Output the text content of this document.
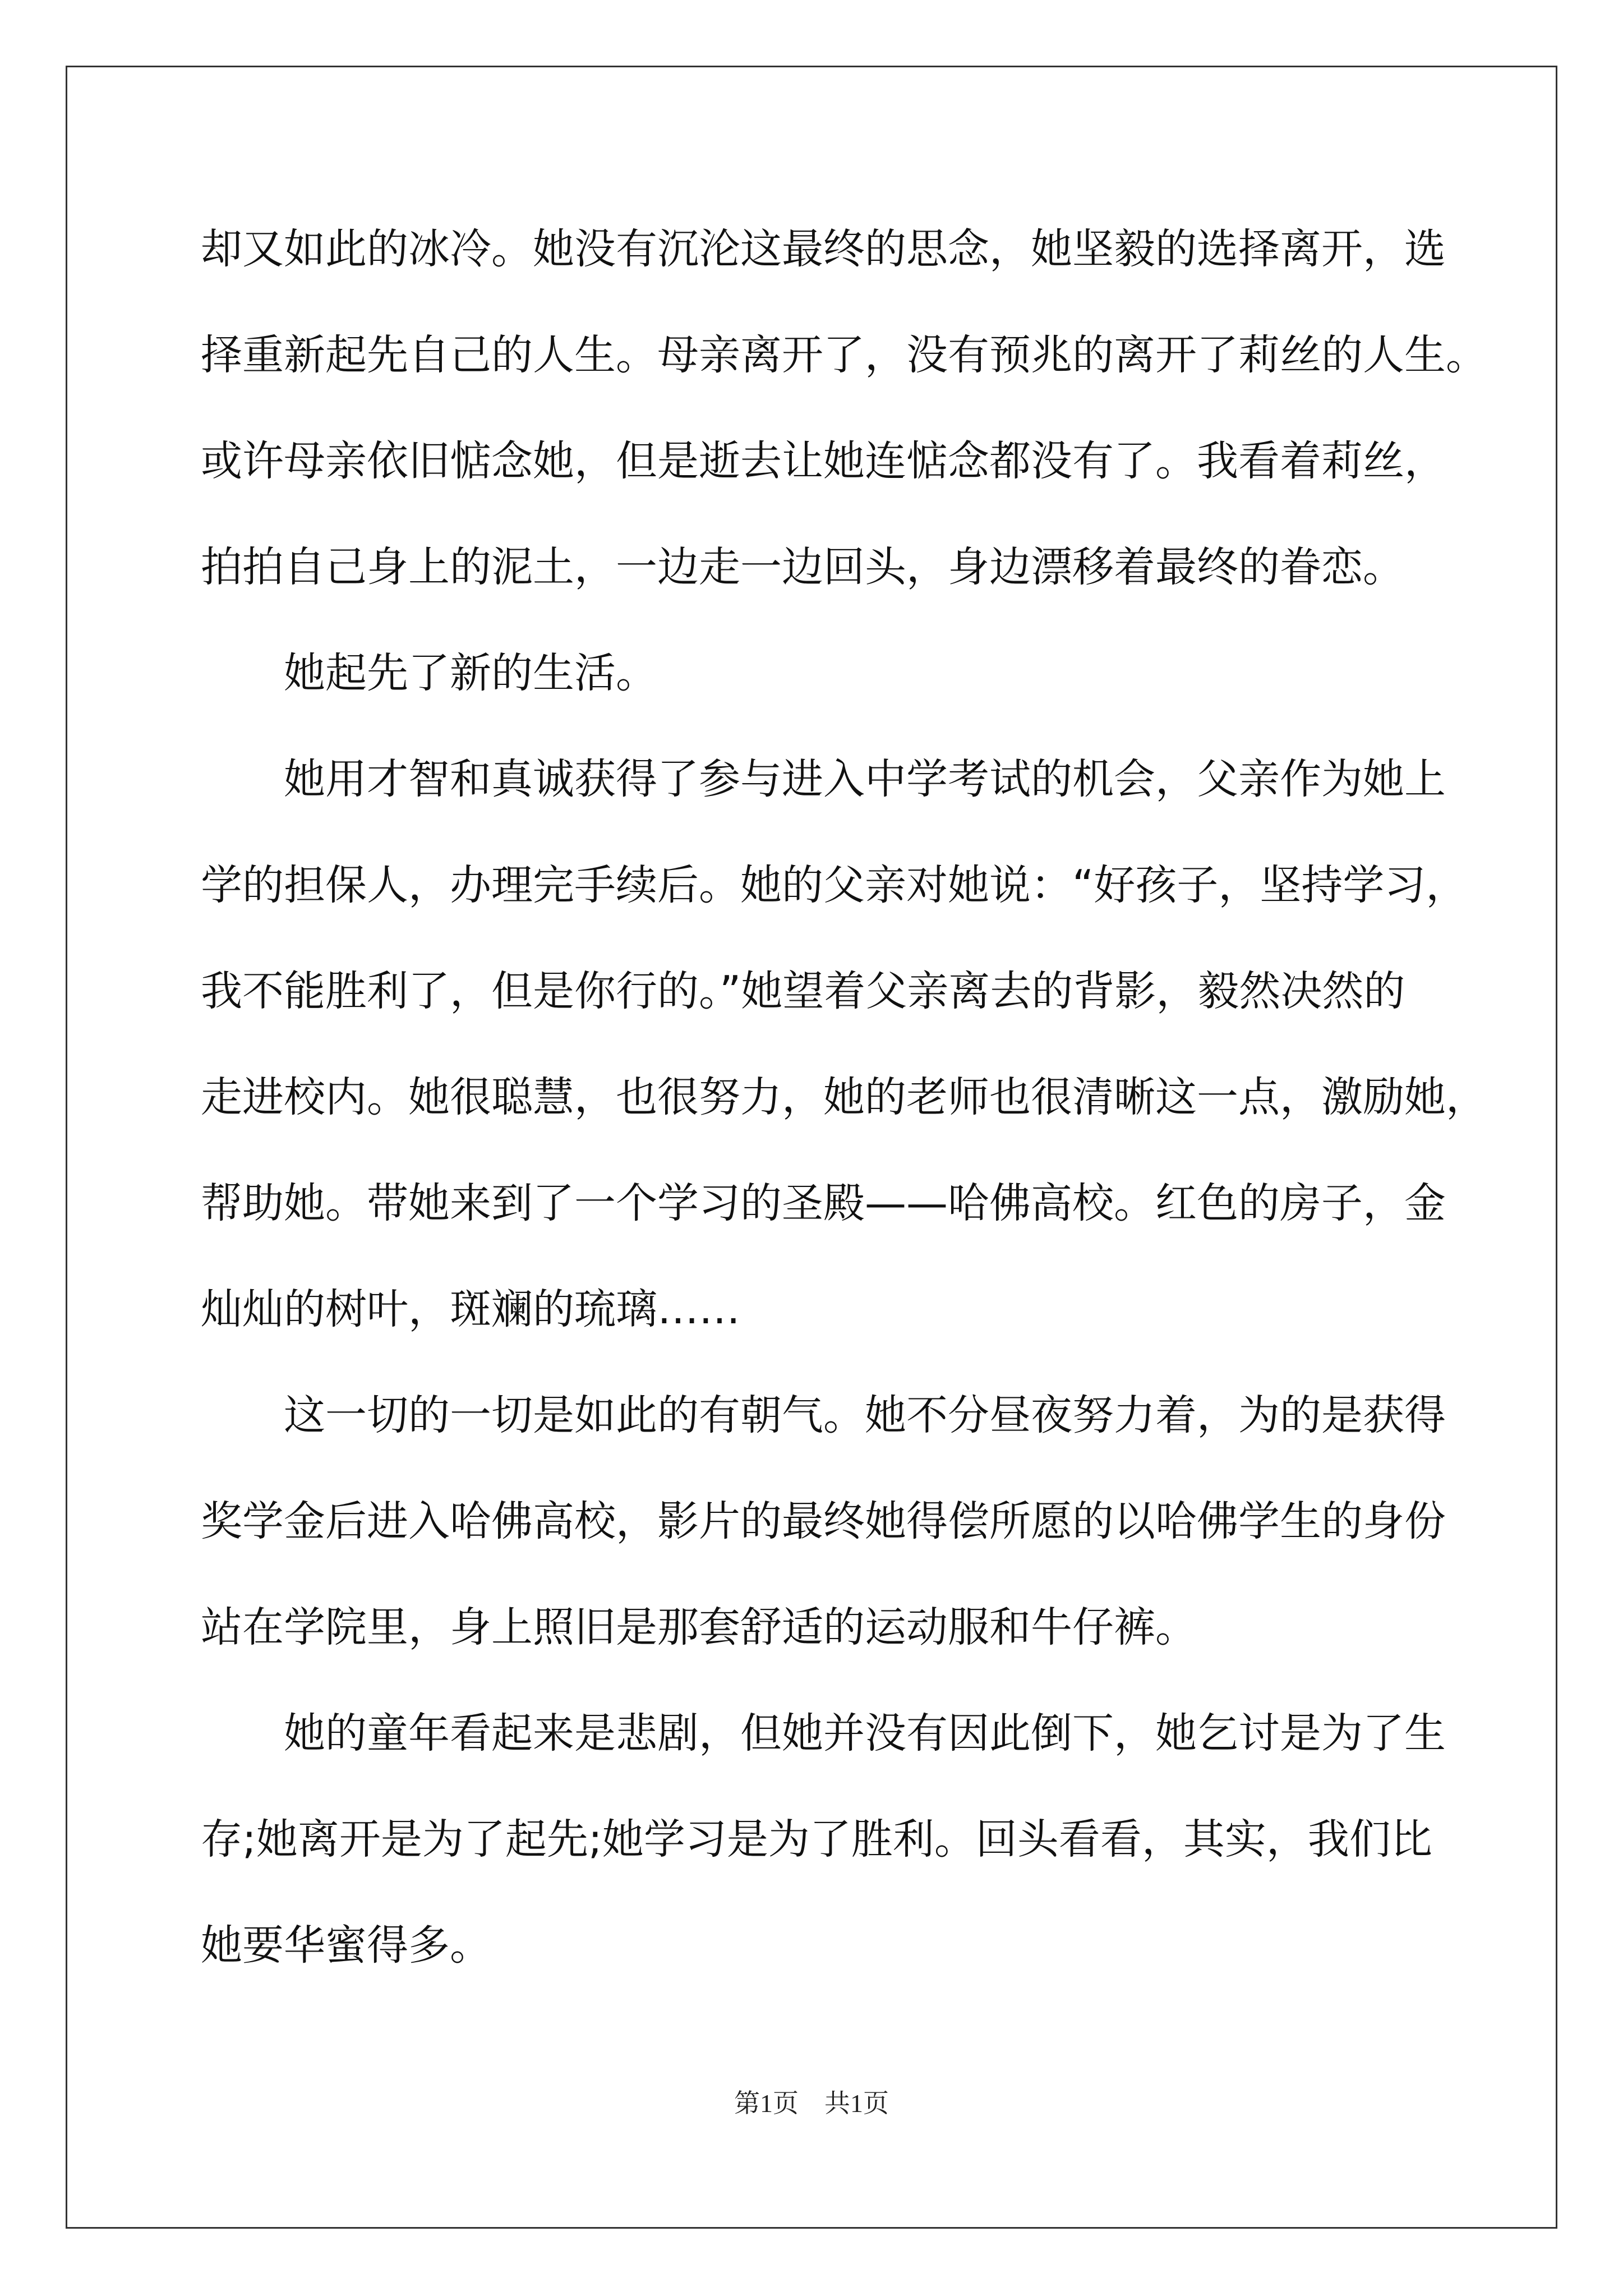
却又如此的冰冷。她没有沉沦这最终的思念，她坚毅的选择离开，选
择重新起先自己的人生。母亲离开了，没有预兆的离开了莉丝的人生。
或许母亲依旧惦念她，但是逝去让她连惦念都没有了。我看着莉丝，
拍拍自己身上的泥土，一边走一边回头，身边漂移着最终的眷恋。
　　她起先了新的生活。
　　她用才智和真诚获得了参与进入中学考试的机会，父亲作为她上
学的担保人，办理完手续后。她的父亲对她说：“好孩子，坚持学习，
我不能胜利了，但是你行的。”她望着父亲离去的背影，毅然决然的
走进校内。她很聪慧，也很努力，她的老师也很清晰这一点，激励她，
帮助她。带她来到了一个学习的圣殿——哈佛高校。红色的房子，金
灿灿的树叶，斑斓的琉璃……
　　这一切的一切是如此的有朝气。她不分昼夜努力着，为的是获得
奖学金后进入哈佛高校，影片的最终她得偿所愿的以哈佛学生的身份
站在学院里，身上照旧是那套舒适的运动服和牛仔裤。
　　她的童年看起来是悲剧，但她并没有因此倒下，她乞讨是为了生
存;她离开是为了起先;她学习是为了胜利。回头看看，其实，我们比
她要华蜜得多。
第1页　共1页
